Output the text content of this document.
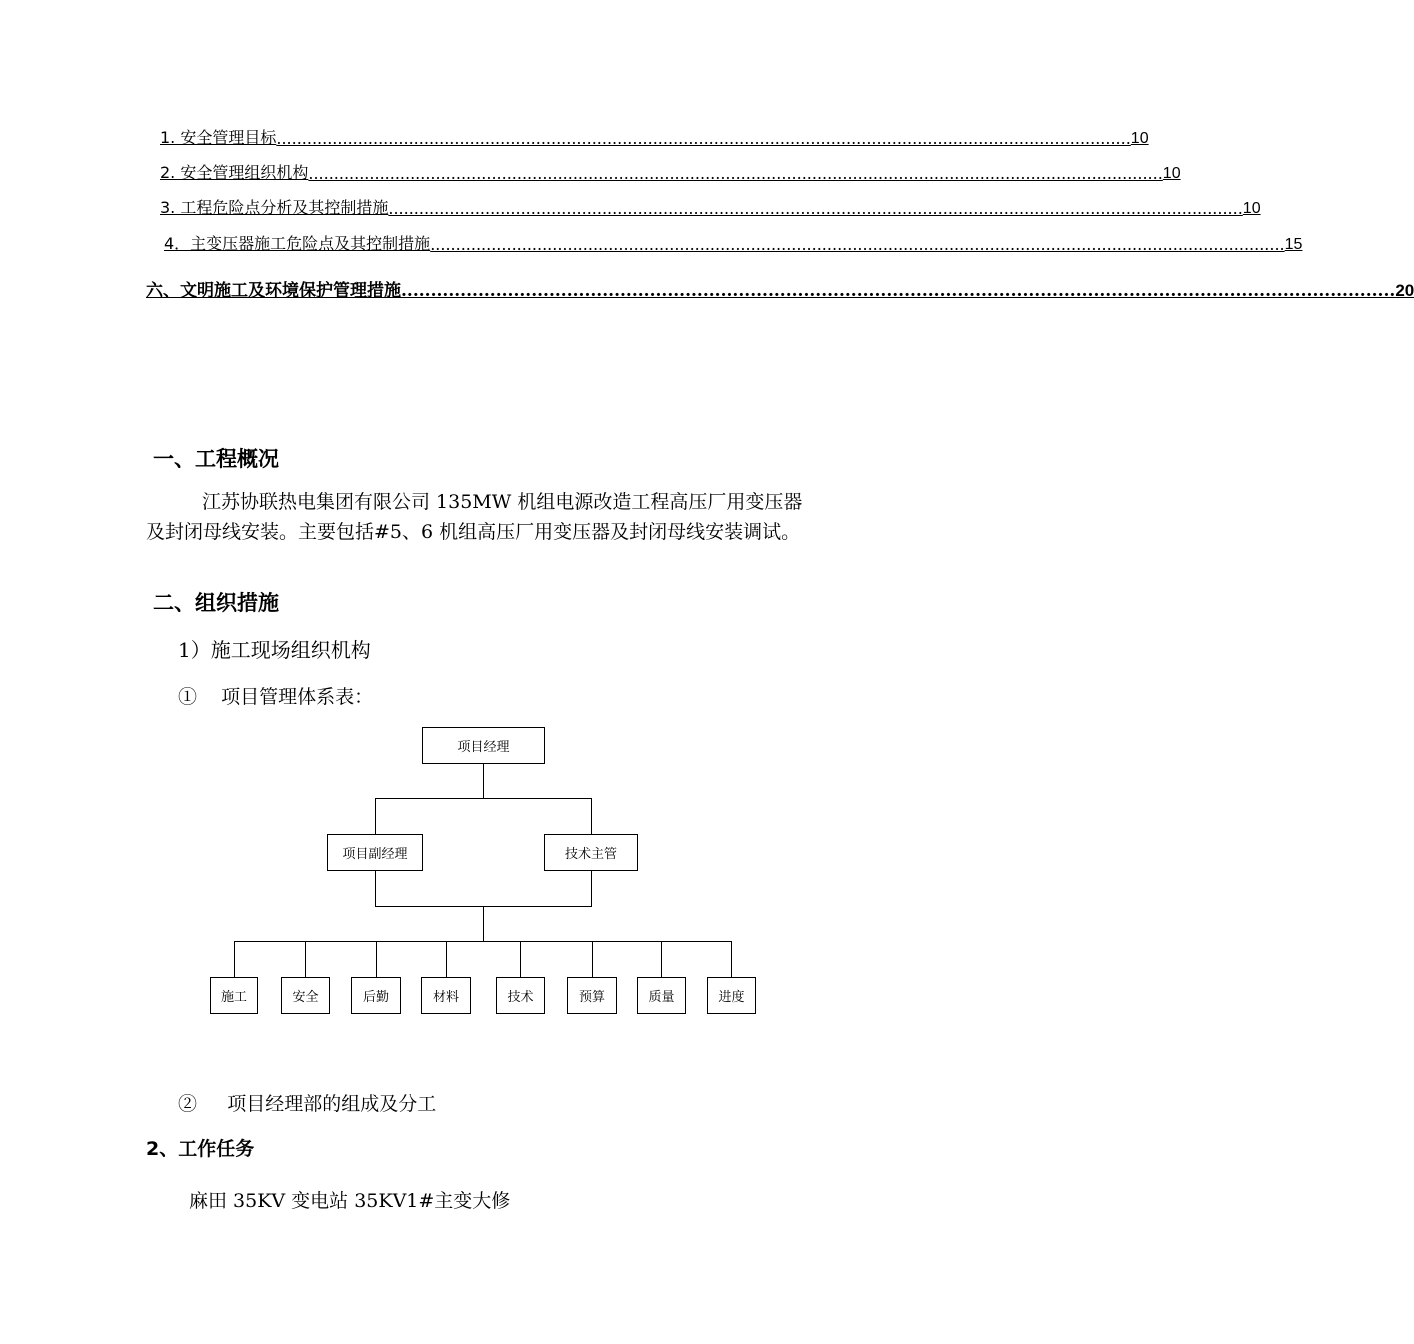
1. 安全管理目标 ........................................................................................................................................................................ 10
2. 安全管理组织机构 ........................................................................................................................................................................ 10
3. 工程危险点分析及其控制措施 ........................................................................................................................................................................ 10
4．主变压器施工危险点及其控制措施 ........................................................................................................................................................................ 15
六、文明施工及环境保护管理措施 ........................................................................................................................................................................ 20
一、工程概况
江苏协联热电集团有限公司 135MW 机组电源改造工程高压厂用变压器及封闭母线安装。主要包括#5、6 机组高压厂用变压器及封闭母线安装调试。
二、组织措施
1）施工现场组织机构
①    项目管理体系表：
项目经理
项目副经理	技术主管
施工	安全	后勤	材料	技术	预算	质量	进度
②     项目经理部的组成及分工
2、工作任务
麻田 35KV 变电站 35KV1#主变大修
